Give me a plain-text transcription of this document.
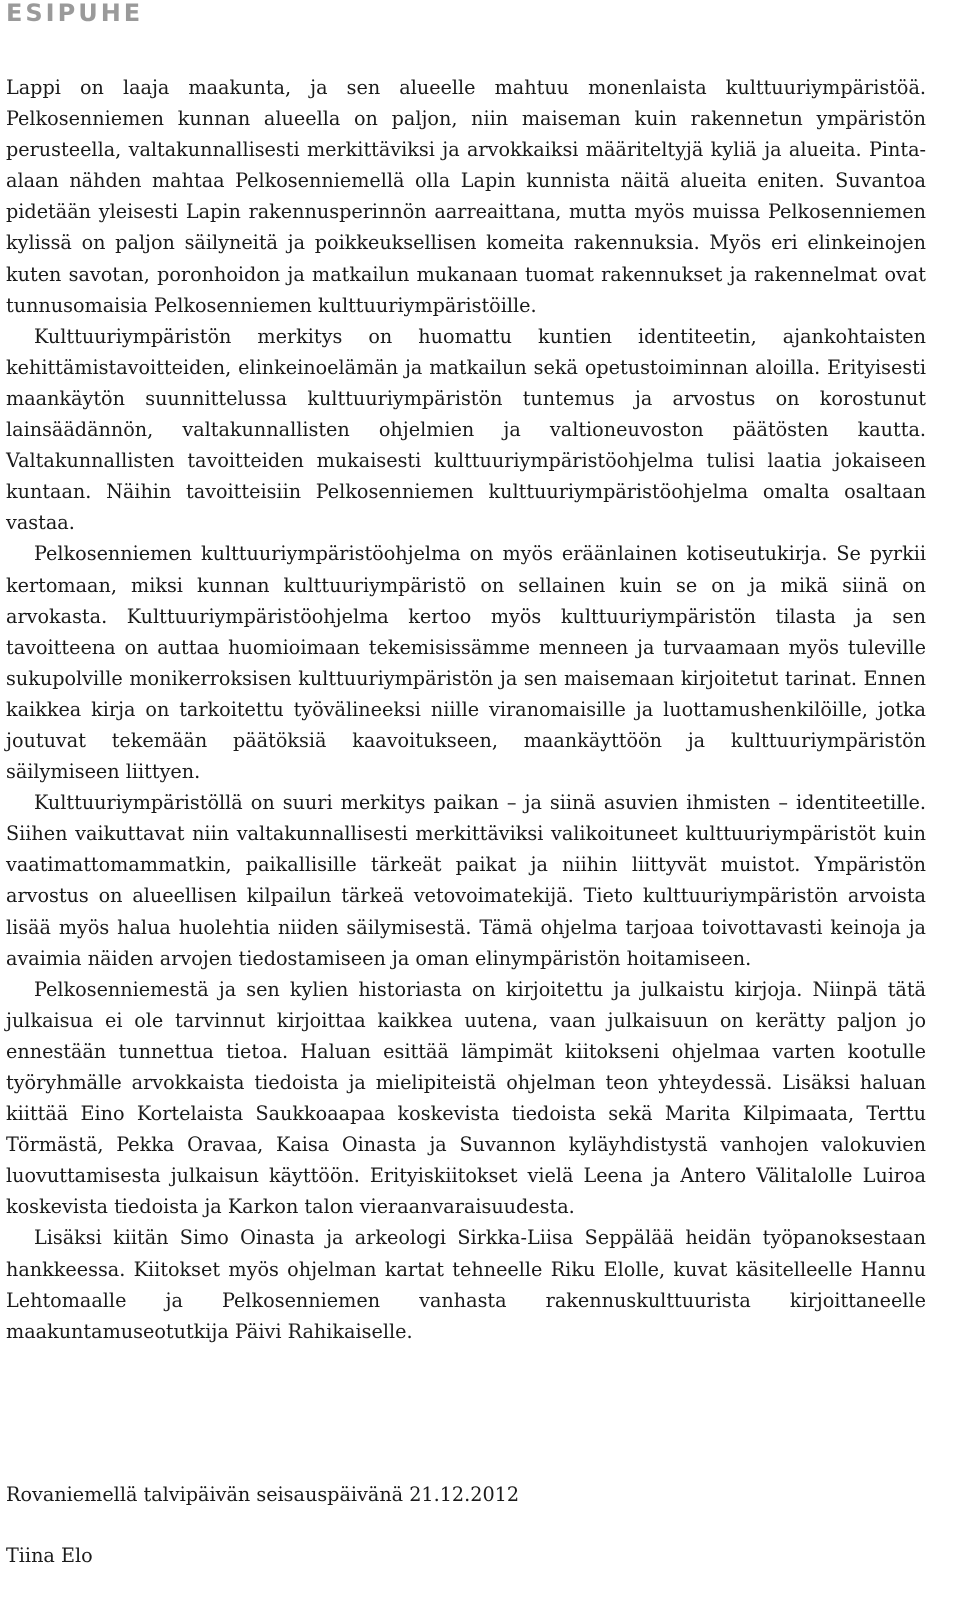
ESIPUHE

Lappi on laaja maakunta, ja sen alueelle mahtuu monenlaista kulttuuriympäristöä. Pelkosenniemen kunnan alueella on paljon, niin maiseman kuin rakennetun ympäristön perusteella, valtakunnallisesti merkittäviksi ja arvokkaiksi määriteltyjä kyliä ja alueita. Pinta-alaan nähden mahtaa Pelkosenniemellä olla Lapin kunnista näitä alueita eniten. Suvantoa pidetään yleisesti Lapin rakennusperinnön aarreaittana, mutta myös muissa Pelkosenniemen kylissä on paljon säilyneitä ja poikkeuksellisen komeita rakennuksia. Myös eri elinkeinojen kuten savotan, poronhoidon ja matkailun mukanaan tuomat rakennukset ja rakennelmat ovat tunnusomaisia Pelkosenniemen kulttuuriympäristöille.

Kulttuuriympäristön merkitys on huomattu kuntien identiteetin, ajankohtaisten kehittämistavoitteiden, elinkeinoelämän ja matkailun sekä opetustoiminnan aloilla. Erityisesti maankäytön suunnittelussa kulttuuriympäristön tuntemus ja arvostus on korostunut lainsäädännön, valtakunnallisten ohjelmien ja valtioneuvoston päätösten kautta. Valtakunnallisten tavoitteiden mukaisesti kulttuuriympäristöohjelma tulisi laatia jokaiseen kuntaan. Näihin tavoitteisiin Pelkosenniemen kulttuuriympäristöohjelma omalta osaltaan vastaa.

Pelkosenniemen kulttuuriympäristöohjelma on myös eräänlainen kotiseutukirja. Se pyrkii kertomaan, miksi kunnan kulttuuriympäristö on sellainen kuin se on ja mikä siinä on arvokasta. Kulttuuriympäristöohjelma kertoo myös kulttuuriympäristön tilasta ja sen tavoitteena on auttaa huomioimaan tekemisissämme menneen ja turvaamaan myös tuleville sukupolville monikerroksisen kulttuuriympäristön ja sen maisemaan kirjoitetut tarinat. Ennen kaikkea kirja on tarkoitettu työvälineeksi niille viranomaisille ja luottamushenkilöille, jotka joutuvat tekemään päätöksiä kaavoitukseen, maankäyttöön ja kulttuuriympäristön säilymiseen liittyen.

Kulttuuriympäristöllä on suuri merkitys paikan – ja siinä asuvien ihmisten – identiteetille. Siihen vaikuttavat niin valtakunnallisesti merkittäviksi valikoituneet kulttuuriympäristöt kuin vaatimattomammatkin, paikallisille tärkeät paikat ja niihin liittyvät muistot. Ympäristön arvostus on alueellisen kilpailun tärkeä vetovoimatekijä. Tieto kulttuuriympäristön arvoista lisää myös halua huolehtia niiden säilymisestä. Tämä ohjelma tarjoaa toivottavasti keinoja ja avaimia näiden arvojen tiedostamiseen ja oman elinympäristön hoitamiseen.

Pelkosenniemestä ja sen kylien historiasta on kirjoitettu ja julkaistu kirjoja. Niinpä tätä julkaisua ei ole tarvinnut kirjoittaa kaikkea uutena, vaan julkaisuun on kerätty paljon jo ennestään tunnettua tietoa. Haluan esittää lämpimät kiitokseni ohjelmaa varten kootulle työryhmälle arvokkaista tiedoista ja mielipiteistä ohjelman teon yhteydessä. Lisäksi haluan kiittää Eino Kortelaista Saukkoaapaa koskevista tiedoista sekä Marita Kilpimaata, Terttu Törmästä, Pekka Oravaa, Kaisa Oinasta ja Suvannon kyläyhdistystä vanhojen valokuvien luovuttamisesta julkaisun käyttöön. Erityiskiitokset vielä Leena ja Antero Välitalolle Luiroa koskevista tiedoista ja Karkon talon vieraanvaraisuudesta.

Lisäksi kiitän Simo Oinasta ja arkeologi Sirkka-Liisa Seppälää heidän työpanoksestaan hankkeessa. Kiitokset myös ohjelman kartat tehneelle Riku Elolle, kuvat käsitelleelle Hannu Lehtomaalle ja Pelkosenniemen vanhasta rakennuskulttuurista kirjoittaneelle maakuntamuseotutkija Päivi Rahikaiselle.

Rovaniemellä talvipäivän seisauspäivänä 21.12.2012

Tiina Elo
